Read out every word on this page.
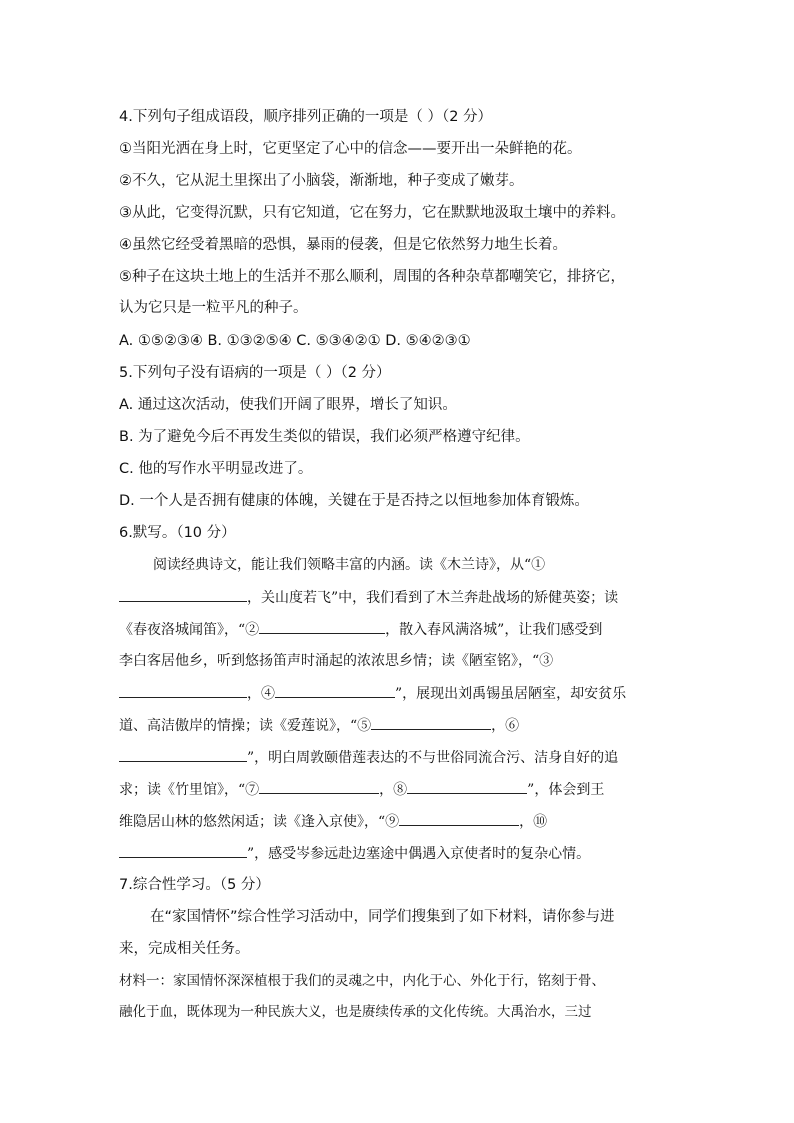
4.下列句子组成语段，顺序排列正确的一项是（ ）（2 分）
①当阳光洒在身上时，它更坚定了心中的信念——要开出一朵鲜艳的花。
②不久，它从泥土里探出了小脑袋，渐渐地，种子变成了嫩芽。
③从此，它变得沉默，只有它知道，它在努力，它在默默地汲取土壤中的养料。
④虽然它经受着黑暗的恐惧，暴雨的侵袭，但是它依然努力地生长着。
⑤种子在这块土地上的生活并不那么顺利，周围的各种杂草都嘲笑它，排挤它，
认为它只是一粒平凡的种子。
A. ①⑤②③④ B. ①③②⑤④ C. ⑤③④②① D. ⑤④②③①
5.下列句子没有语病的一项是（ ）（2 分）
A. 通过这次活动，使我们开阔了眼界，增长了知识。
B. 为了避免今后不再发生类似的错误，我们必须严格遵守纪律。
C. 他的写作水平明显改进了。
D. 一个人是否拥有健康的体魄，关键在于是否持之以恒地参加体育锻炼。
6.默写。（10 分）
阅读经典诗文，能让我们领略丰富的内涵。读《木兰诗》，从“①
，关山度若飞”中，我们看到了木兰奔赴战场的矫健英姿；读
《春夜洛城闻笛》，“②	，散入春风满洛城”，让我们感受到
李白客居他乡，听到悠扬笛声时涌起的浓浓思乡情；读《陋室铭》，“③
，④	”，展现出刘禹锡虽居陋室，却安贫乐
道、高洁傲岸的情操；读《爱莲说》，“⑤	，⑥
”，明白周敦颐借莲表达的不与世俗同流合污、洁身自好的追
求；读《竹里馆》，“⑦	，⑧	”，体会到王
维隐居山林的悠然闲适；读《逢入京使》，“⑨	，⑩
”，感受岑参远赴边塞途中偶遇入京使者时的复杂心情。
7.综合性学习。（5 分）
在“家国情怀”综合性学习活动中，同学们搜集到了如下材料，请你参与进
来，完成相关任务。
材料一：家国情怀深深植根于我们的灵魂之中，内化于心、外化于行，铭刻于骨、
融化于血，既体现为一种民族大义，也是赓续传承的文化传统。大禹治水，三过
